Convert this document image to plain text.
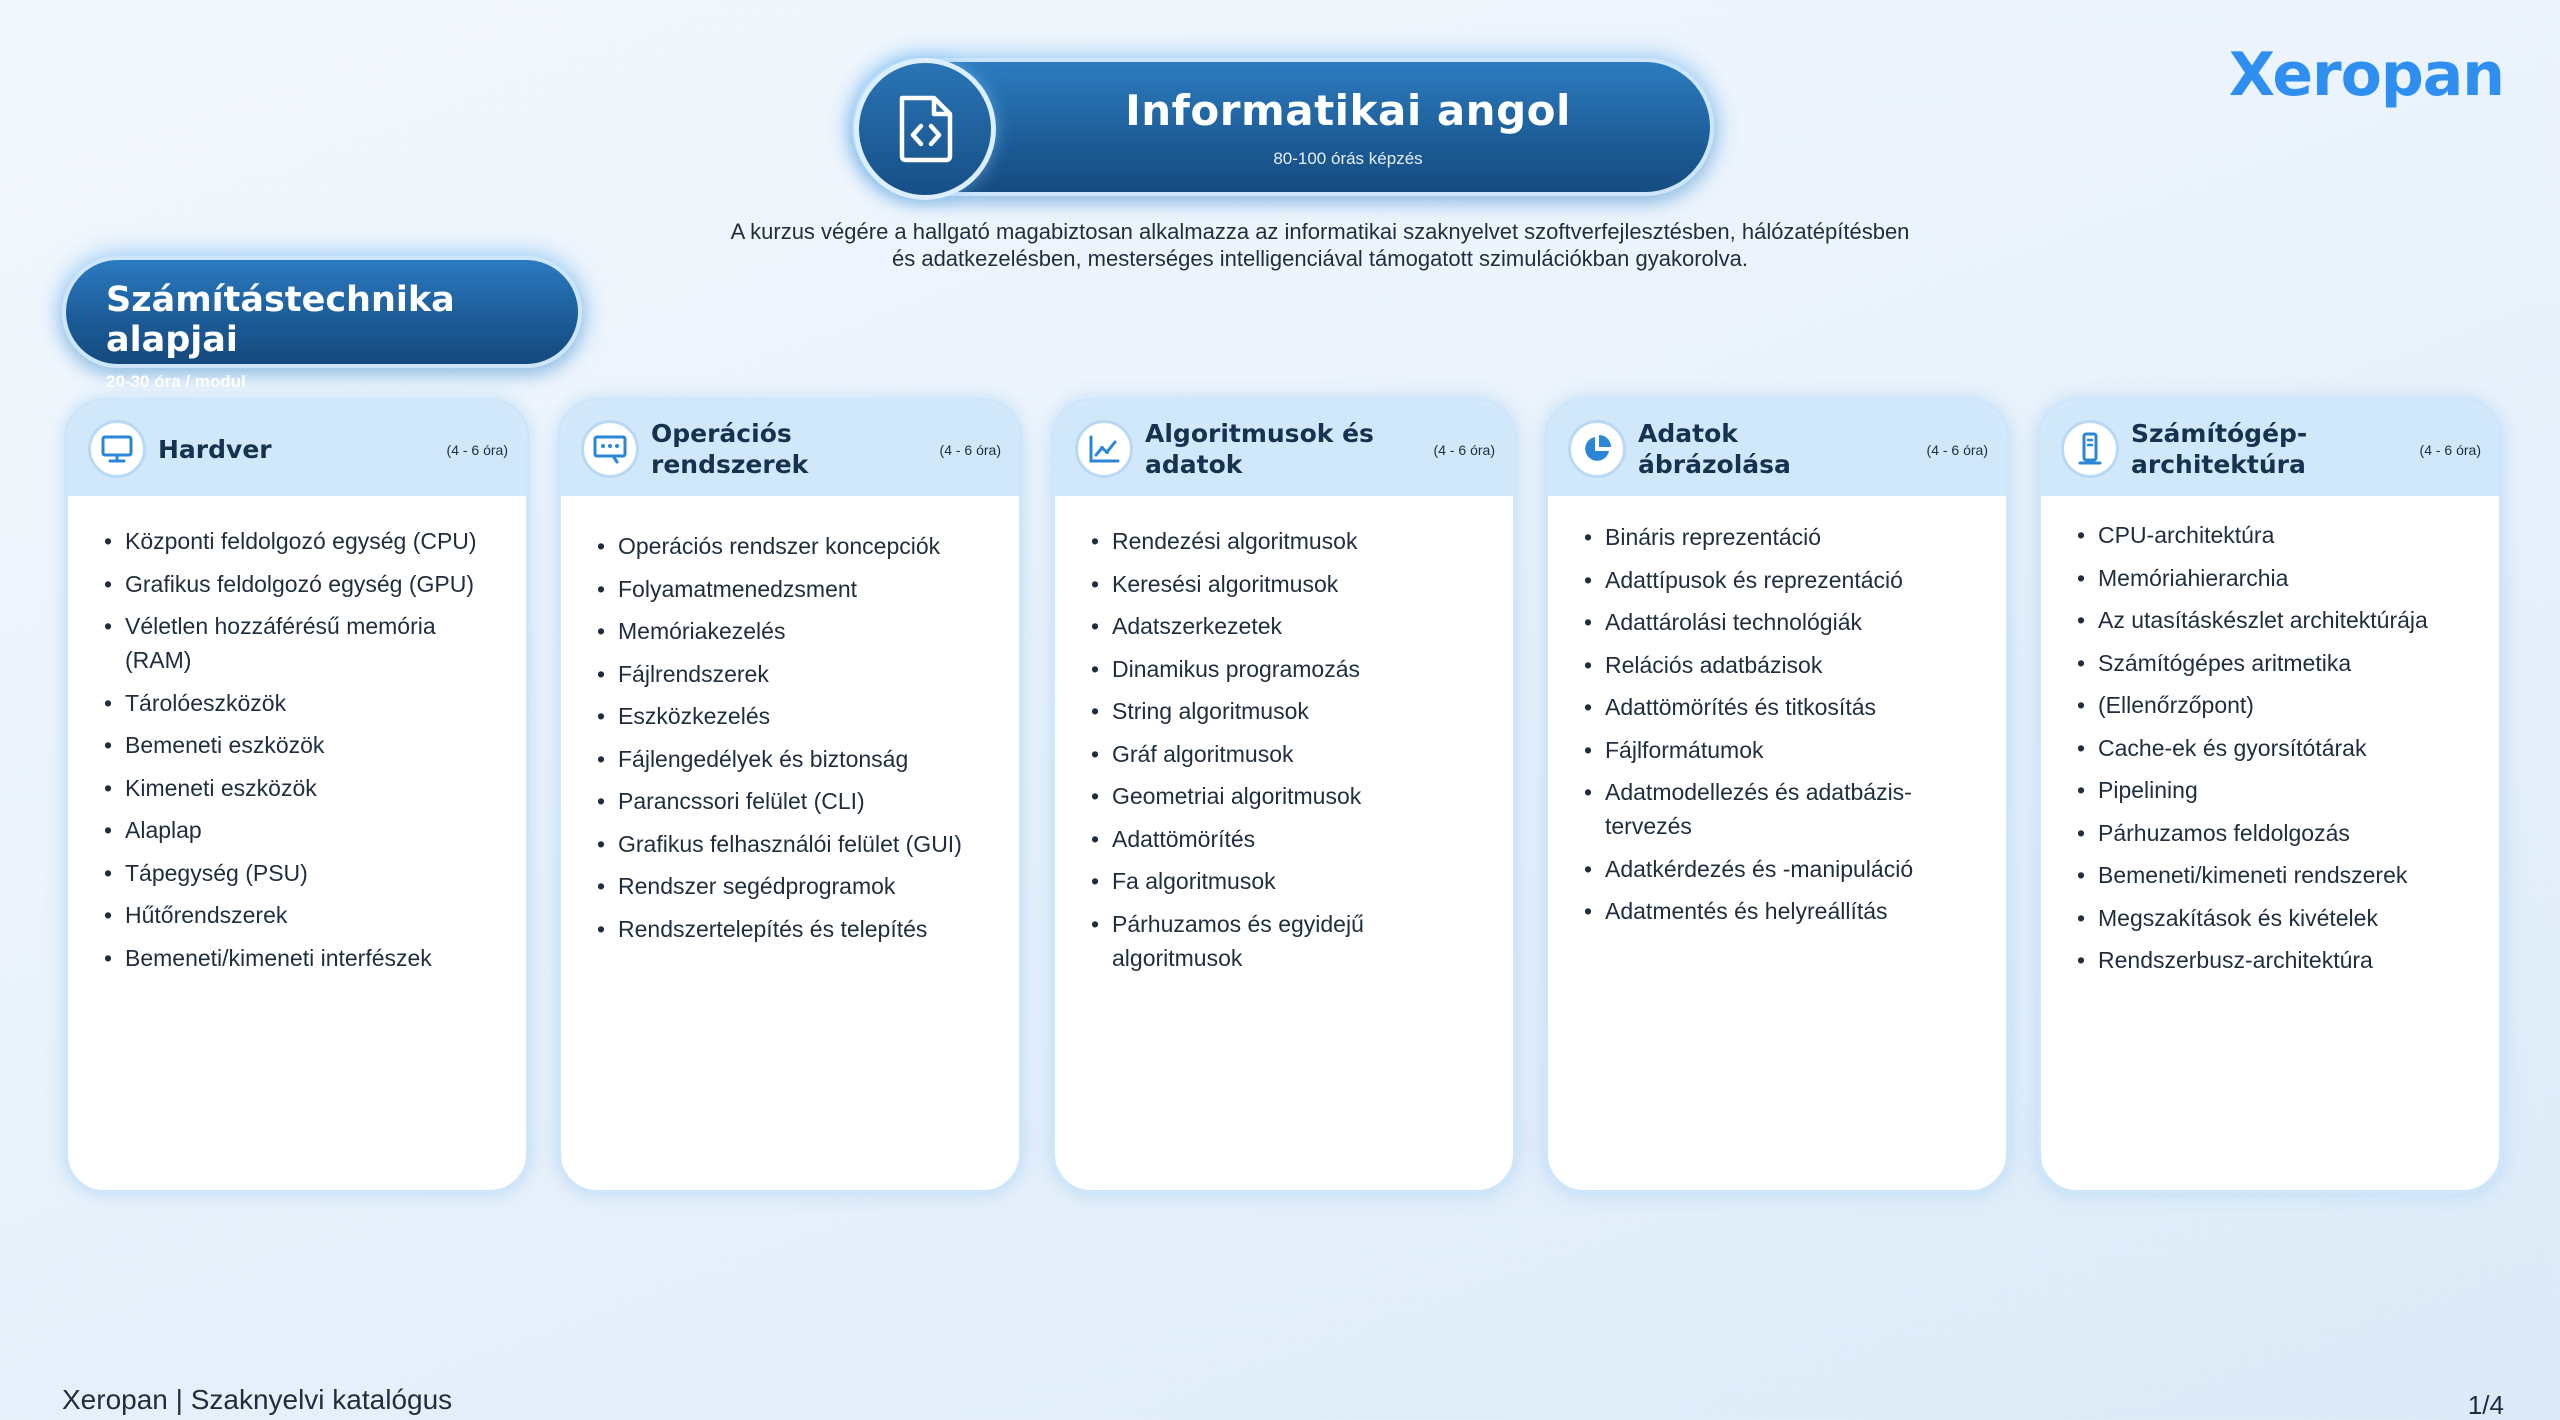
Informatikai angol
80-100 órás képzés
Xeropan
A kurzus végére a hallgató magabiztosan alkalmazza az informatikai szaknyelvet szoftverfejlesztésben, hálózatépítésben
és adatkezelésben, mesterséges intelligenciával támogatott szimulációkban gyakorolva.
Számítástechnika alapjai
20-30 óra / modul
Hardver	(4 - 6 óra)
• Központi feldolgozó egység (CPU)
• Grafikus feldolgozó egység (GPU)
• Véletlen hozzáférésű memória (RAM)
• Tárolóeszközök
• Bemeneti eszközök
• Kimeneti eszközök
• Alaplap
• Tápegység (PSU)
• Hűtőrendszerek
• Bemeneti/kimeneti interfészek
Operációs rendszerek	(4 - 6 óra)
• Operációs rendszer koncepciók
• Folyamatmenedzsment
• Memóriakezelés
• Fájlrendszerek
• Eszközkezelés
• Fájlengedélyek és biztonság
• Parancssori felület (CLI)
• Grafikus felhasználói felület (GUI)
• Rendszer segédprogramok
• Rendszertelepítés és telepítés
Algoritmusok és adatok	(4 - 6 óra)
• Rendezési algoritmusok
• Keresési algoritmusok
• Adatszerkezetek
• Dinamikus programozás
• String algoritmusok
• Gráf algoritmusok
• Geometriai algoritmusok
• Adattömörítés
• Fa algoritmusok
• Párhuzamos és egyidejű algoritmusok
Adatok ábrázolása	(4 - 6 óra)
• Bináris reprezentáció
• Adattípusok és reprezentáció
• Adattárolási technológiák
• Relációs adatbázisok
• Adattömörítés és titkosítás
• Fájlformátumok
• Adatmodellezés és adatbázis-tervezés
• Adatkérdezés és -manipuláció
• Adatmentés és helyreállítás
Számítógép-architektúra	(4 - 6 óra)
• CPU-architektúra
• Memóriahierarchia
• Az utasításkészlet architektúrája
• Számítógépes aritmetika
• (Ellenőrzőpont)
• Cache-ek és gyorsítótárak
• Pipelining
• Párhuzamos feldolgozás
• Bemeneti/kimeneti rendszerek
• Megszakítások és kivételek
• Rendszerbusz-architektúra
Xeropan | Szaknyelvi katalógus	1/4
